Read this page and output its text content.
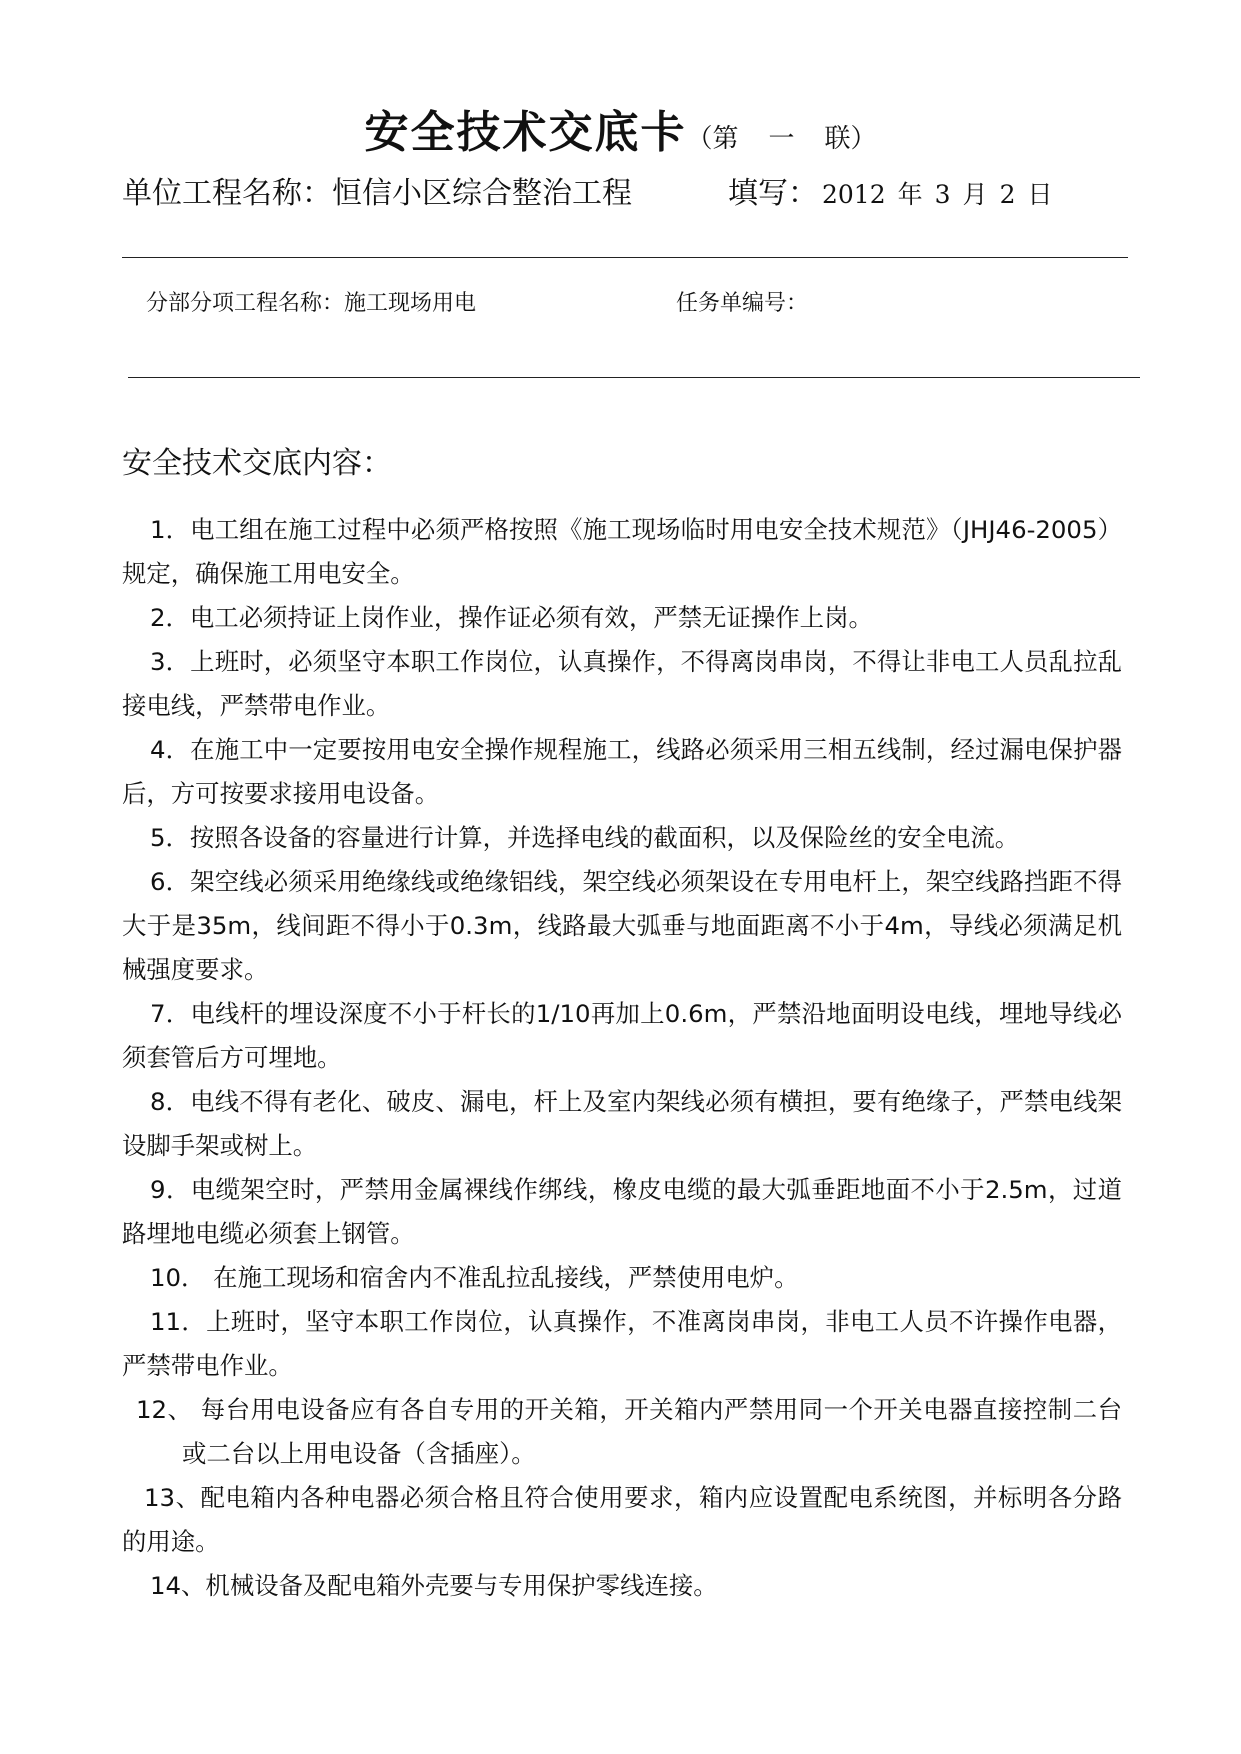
安全技术交底卡（第 一 联）
单位工程名称：恒信小区综合整治工程	填写： 2012 年 3 月 2 日
分部分项工程名称：施工现场用电	任务单编号：
安全技术交底内容：

1．电工组在施工过程中必须严格按照《施工现场临时用电安全技术规范》（JHJ46-2005）规定，确保施工用电安全。

2．电工必须持证上岗作业，操作证必须有效，严禁无证操作上岗。

3．上班时，必须坚守本职工作岗位，认真操作，不得离岗串岗，不得让非电工人员乱拉乱接电线，严禁带电作业。

4．在施工中一定要按用电安全操作规程施工，线路必须采用三相五线制，经过漏电保护器后，方可按要求接用电设备。

5．按照各设备的容量进行计算，并选择电线的截面积，以及保险丝的安全电流。

6．架空线必须采用绝缘线或绝缘铝线，架空线必须架设在专用电杆上，架空线路挡距不得大于是35m，线间距不得小于0.3m，线路最大弧垂与地面距离不小于4m，导线必须满足机械强度要求。

7．电线杆的埋设深度不小于杆长的1/10再加上0.6m，严禁沿地面明设电线，埋地导线必须套管后方可埋地。

8．电线不得有老化、破皮、漏电，杆上及室内架线必须有横担，要有绝缘子，严禁电线架设脚手架或树上。

9．电缆架空时，严禁用金属裸线作绑线，橡皮电缆的最大弧垂距地面不小于2.5m，过道路埋地电缆必须套上钢管。

10． 在施工现场和宿舍内不准乱拉乱接线，严禁使用电炉。

11．上班时，坚守本职工作岗位，认真操作，不准离岗串岗，非电工人员不许操作电器，严禁带电作业。

12、 每台用电设备应有各自专用的开关箱，开关箱内严禁用同一个开关电器直接控制二台或二台以上用电设备（含插座）。

13、配电箱内各种电器必须合格且符合使用要求，箱内应设置配电系统图，并标明各分路的用途。

14、机械设备及配电箱外壳要与专用保护零线连接。
